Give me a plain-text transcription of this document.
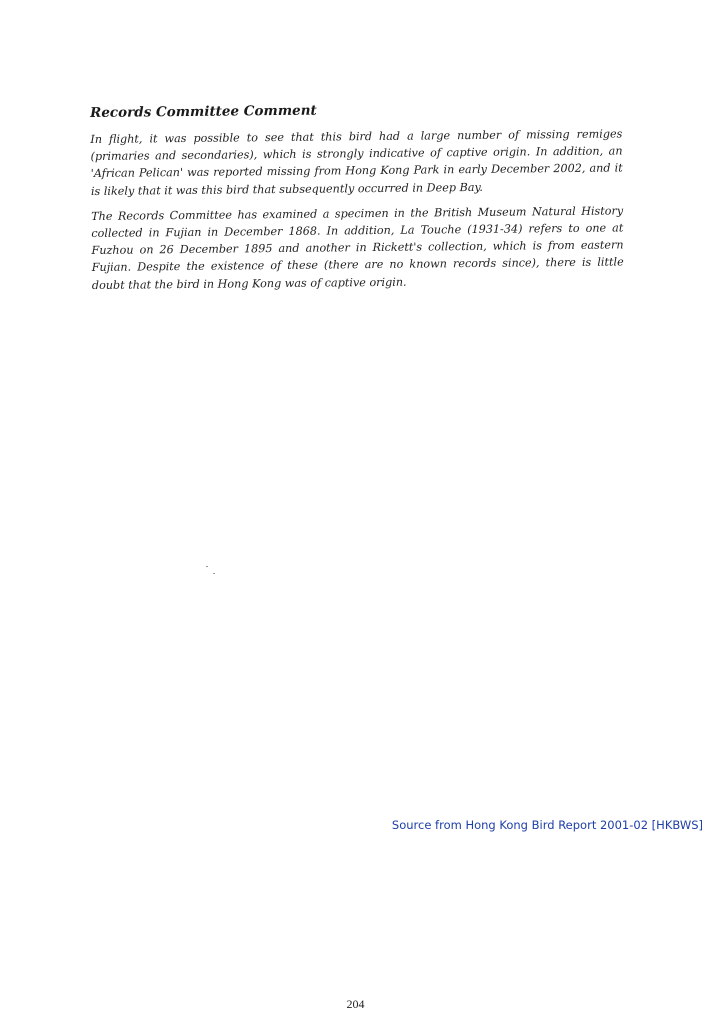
Records Committee Comment

In flight, it was possible to see that this bird had a large number of missing remiges (primaries and secondaries), which is strongly indicative of captive origin. In addition, an 'African Pelican' was reported missing from Hong Kong Park in early December 2002, and it is likely that it was this bird that subsequently occurred in Deep Bay.

The Records Committee has examined a specimen in the British Museum Natural History collected in Fujian in December 1868. In addition, La Touche (1931-34) refers to one at Fuzhou on 26 December 1895 and another in Rickett's collection, which is from eastern Fujian. Despite the existence of these (there are no known records since), there is little doubt that the bird in Hong Kong was of captive origin.

Source from Hong Kong Bird Report 2001-02 [HKBWS]
204
